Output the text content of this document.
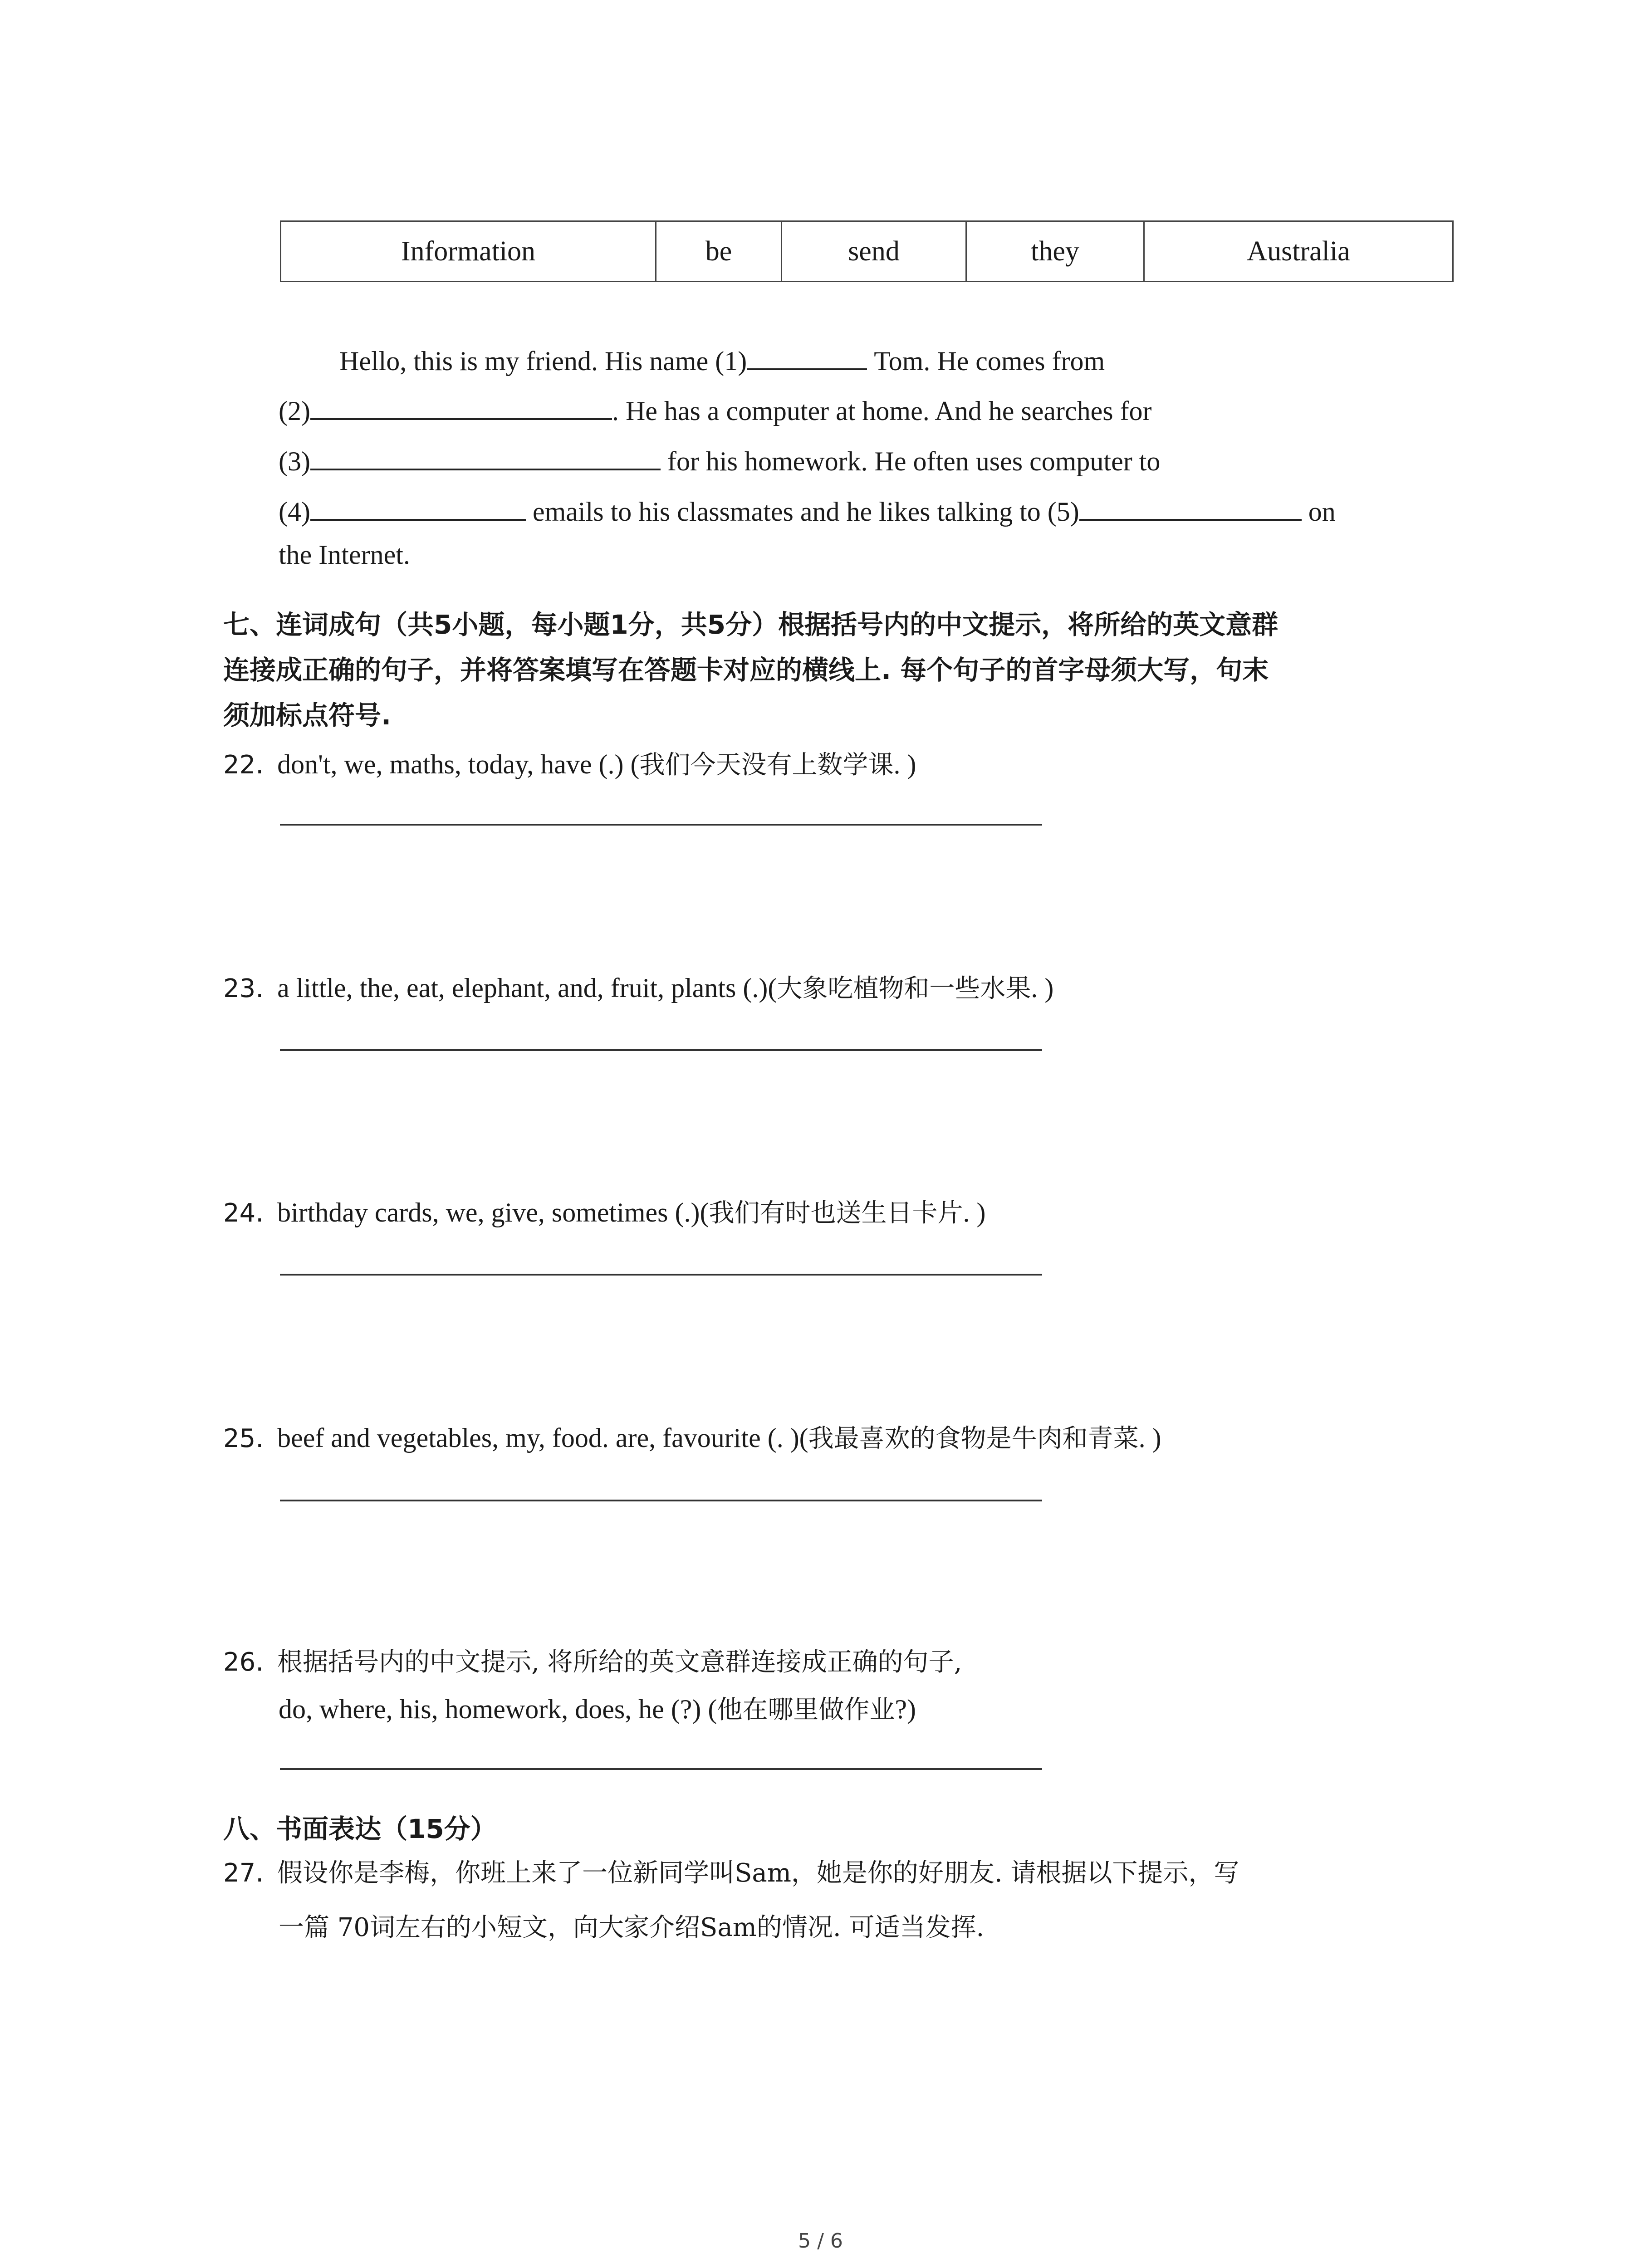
Information	be	send	they	Australia
Hello, this is my friend. His name (1)	Tom. He comes from
(2)	. He has a computer at home. And he searches for
(3)	for his homework. He often uses computer to
(4)	emails to his classmates and he likes talking to (5)	on
the Internet.
七、连词成句（共5小题，每小题1分，共5分）根据括号内的中文提示，将所给的英文意群
连接成正确的句子，并将答案填写在答题卡对应的横线上. 每个句子的首字母须大写，句末
须加标点符号.
22. don't, we, maths, today, have (.) (我们今天没有上数学课. )
23. a little, the, eat, elephant, and, fruit, plants (.)(大象吃植物和一些水果. )
24. birthday cards, we, give, sometimes (.)(我们有时也送生日卡片. )
25. beef and vegetables, my, food. are, favourite (. )(我最喜欢的食物是牛肉和青菜. )
26. 根据括号内的中文提示, 将所给的英文意群连接成正确的句子,
do, where, his, homework, does, he (?) (他在哪里做作业?)
八、书面表达（15分）
27. 假设你是李梅，你班上来了一位新同学叫Sam，她是你的好朋友. 请根据以下提示，写
一篇 70词左右的小短文，向大家介绍Sam的情况. 可适当发挥.
5 / 6
